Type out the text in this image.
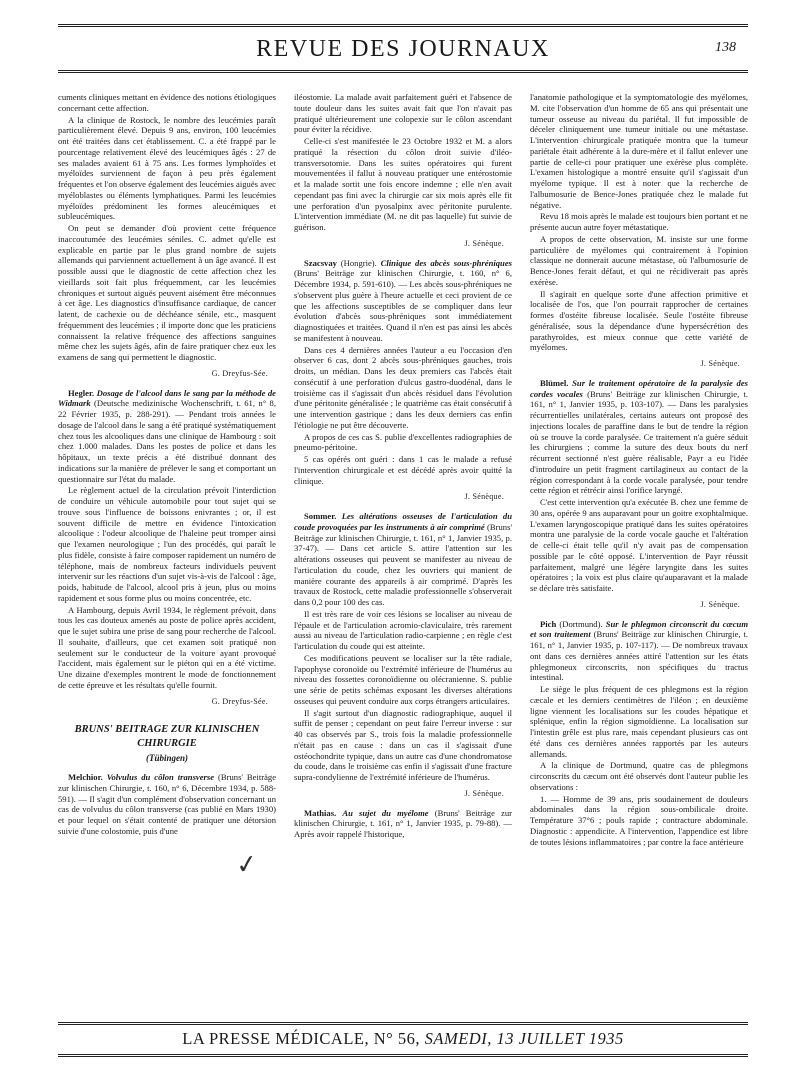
REVUE DES JOURNAUX	138

cuments cliniques mettant en évidence des notions étiologiques concernant cette affection.

A la clinique de Rostock, le nombre des leucémies paraît particulièrement élevé. Depuis 9 ans, environ, 100 leucémies ont été traitées dans cet établissement. C. a été frappé par le pourcentage relativement élevé des leucémiques âgés : 27 de ses malades avaient 61 à 75 ans. Les formes lymphoïdes et myéloïdes surviennent de façon à peu près également fréquentes et l'on observe également des leucémies aiguës avec myéloblastes ou éléments lymphatiques. Parmi les leucémies myéloïdes prédominent les formes aleucémiques et subleucémiques.

On peut se demander d'où provient cette fréquence inaccoutumée des leucémies séniles. C. admet qu'elle est explicable en partie par le plus grand nombre de sujets allemands qui parviennent actuellement à un âge avancé. Il est possible aussi que le diagnostic de cette affection chez les vieillards soit fait plus fréquemment, car les leucémies chroniques et surtout aiguës peuvent aisément être méconnues à cet âge. Les diagnostics d'insuffisance cardiaque, de cancer latent, de cachexie ou de déchéance sénile, etc., masquent fréquemment des leucémies ; il importe donc que les praticiens connaissent la relative fréquence des affections sanguines même chez les sujets âgés, afin de faire pratiquer chez eux les examens de sang qui permettent le diagnostic.

G. Dreyfus-Sée.

Hegler. Dosage de l'alcool dans le sang par la méthode de Widmark (Deutsche medizinische Wochenschrift, t. 61, n° 8, 22 Février 1935, p. 288-291). — Pendant trois années le dosage de l'alcool dans le sang a été pratiqué systématiquement chez tous les alcooliques dans une clinique de Hambourg : soit chez 1.000 malades. Dans les postes de police et dans les hôpitaux, un texte précis a été distribué donnant des indications sur la manière de prélever le sang et comportant un questionnaire sur l'état du malade.

Le règlement actuel de la circulation prévoit l'interdiction de conduire un véhicule automobile pour tout sujet qui se trouve sous l'influence de boissons enivrantes ; or, il est souvent difficile de mettre en évidence l'intoxication alcoolique : l'odeur alcoolique de l'haleine peut tromper ainsi que l'examen neurologique ; l'un des procédés, qui paraît le plus fidèle, consiste à faire composer rapidement un numéro de téléphone, mais de nombreux facteurs individuels peuvent intervenir sur les réactions d'un sujet vis-à-vis de l'alcool : âge, poids, habitude de l'alcool, alcool pris à jeun, plus ou moins rapidement et sous forme plus ou moins concentrée, etc.

A Hambourg, depuis Avril 1934, le règlement prévoit, dans tous les cas douteux amenés au poste de police après accident, que le sujet subira une prise de sang pour recherche de l'alcool. Il souhaite, d'ailleurs, que cet examen soit pratiqué non seulement sur le conducteur de la voiture ayant provoqué l'accident, mais également sur le piéton qui en a été victime. Une dizaine d'exemples montrent le mode de fonctionnement de cette épreuve et les résultats qu'elle fournit.

G. Dreyfus-Sée.
BRUNS' BEITRAGE ZUR KLINISCHEN CHIRURGIE
(Tübingen)

Melchior. Volvulus du côlon transverse (Bruns' Beiträge zur klinischen Chirurgie, t. 160, n° 6, Décembre 1934, p. 588-591). — Il s'agit d'un complément d'observation concernant un cas de volvulus du côlon transverse (cas publié en Mars 1930) et pour lequel on s'était contenté de pratiquer une détorsion suivie d'une colostomie, puis d'une

iléostomie. La malade avait parfaitement guéri et l'absence de toute douleur dans les suites avait fait que l'on n'avait pas pratiqué ultérieurement une colopexie sur le côlon ascendant pour éviter la récidive.

Celle-ci s'est manifestée le 23 Octobre 1932 et M. a alors pratiqué la résection du côlon droit suivie d'iléo-transversotomie. Dans les suites opératoires qui furent mouvementées il fallut à nouveau pratiquer une entérostomie et la malade sortit une fois encore indemne ; elle n'en avait cependant pas fini avec la chirurgie car six mois après elle fit une perforation d'un pyosalpinx avec péritonite purulente. L'intervention immédiate (M. ne dit pas laquelle) fut suivie de guérison.

J. Sénèque.

Szacsvay (Hongrie). Clinique des abcès sous-phréniques (Bruns' Beiträge zur klinischen Chirurgie, t. 160, n° 6, Décembre 1934, p. 591-610). — Les abcès sous-phréniques ne s'observent plus guère à l'heure actuelle et ceci provient de ce que les affections susceptibles de se compliquer dans leur évolution d'abcès sous-phréniques sont immédiatement diagnostiquées et traitées. Quand il n'en est pas ainsi les abcès se manifestent à nouveau.

Dans ces 4 dernières années l'auteur a eu l'occasion d'en observer 6 cas, dont 2 abcès sous-phréniques gauches, trois droits, un médian. Dans les deux premiers cas l'abcès était consécutif à une perforation d'ulcus gastro-duodénal, dans le troisième cas il s'agissait d'un abcès résiduel dans l'évolution d'une péritonite généralisée ; le quatrième cas était consécutif à une intervention gastrique ; dans les deux derniers cas enfin l'étiologie ne put être découverte.

A propos de ces cas S. publie d'excellentes radiographies de pneumo-péritoine.

5 cas opérés ont guéri : dans 1 cas le malade a refusé l'intervention chirurgicale et est décédé après avoir quitté la clinique.

J. Sénèque.

Sommer. Les altérations osseuses de l'articulation du coude provoquées par les instruments à air comprimé (Bruns' Beiträge zur klinischen Chirurgie, t. 161, n° 1, Janvier 1935, p. 37-47). — Dans cet article S. attire l'attention sur les altérations osseuses qui peuvent se manifester au niveau de l'articulation du coude, chez les ouvriers qui manient de manière courante des appareils à air comprimé. D'après les travaux de Rostock, cette maladie professionnelle s'observerait dans 0,2 pour 100 des cas.

Il est très rare de voir ces lésions se localiser au niveau de l'épaule et de l'articulation acromio-claviculaire, très rarement aussi au niveau de l'articulation radio-carpienne ; en règle c'est l'articulation du coude qui est atteinte.

Ces modifications peuvent se localiser sur la tête radiale, l'apophyse coronoïde ou l'extrémité inférieure de l'humérus au niveau des fossettes coronoïdienne ou olécranienne. S. publie une série de petits schémas exposant les diverses altérations osseuses qui peuvent conduire aux corps étrangers articulaires.

Il s'agit surtout d'un diagnostic radiographique, auquel il suffit de penser ; cependant on peut faire l'erreur inverse : sur 40 cas observés par S., trois fois la maladie professionnelle n'était pas en cause : dans un cas il s'agissait d'une ostéochondrite typique, dans un autre cas d'une chondromatose du coude, dans le troisième cas enfin il s'agissait d'une fracture supra-condylienne de l'extrémité inférieure de l'humérus.

J. Sénèque.

Mathias. Au sujet du myélome (Bruns' Beiträge zur klinischen Chirurgie, t. 161, n° 1, Janvier 1935, p. 79-88). — Après avoir rappelé l'historique,

l'anatomie pathologique et la symptomatologie des myélomes, M. cite l'observation d'un homme de 65 ans qui présentait une tumeur osseuse au niveau du pariétal. Il fut impossible de déceler cliniquement une tumeur initiale ou une métastase. L'intervention chirurgicale pratiquée montra que la tumeur pariétale était adhérente à la dure-mère et il fallut enlever une partie de celle-ci pour pratiquer une exérèse plus complète. L'examen histologique a montré ensuite qu'il s'agissait d'un myélome typique. Il est à noter que la recherche de l'albumosurie de Bence-Jones pratiquée chez le malade fut négative.

Revu 18 mois après le malade est toujours bien portant et ne présente aucun autre foyer métastatique.

A propos de cette observation, M. insiste sur une forme particulière de myélomes qui contrairement à l'opinion classique ne donnerait aucune métastase, où l'albumosurie de Bence-Jones ferait défaut, et qui ne récidiverait pas après exérèse.

Il s'agirait en quelque sorte d'une affection primitive et localisée de l'os, que l'on pourrait rapprocher de certaines formes d'ostéite fibreuse localisée. Seule l'ostéite fibreuse généralisée, sous la dépendance d'une hypersécrétion des parathyroïdes, est mieux connue que cette variété de myélomes.

J. Sénèque.

Blümel. Sur le traitement opératoire de la paralysie des cordes vocales (Bruns' Beiträge zur klinischen Chirurgie, t. 161, n° 1, Janvier 1935, p. 103-107). — Dans les paralysies récurrentielles unilatérales, certains auteurs ont proposé des injections locales de paraffine dans le but de tendre la région où se trouve la corde paralysée. Ce traitement n'a guère séduit les chirurgiens ; comme la suture des deux bouts du nerf récurrent sectionné n'est guère réalisable, Payr a eu l'idée d'introduire un petit fragment cartilagineux au contact de la région correspondant à la corde vocale paralysée, pour tendre cette région et rétrécir ainsi l'orifice laryngé.

C'est cette intervention qu'a exécutée B. chez une femme de 30 ans, opérée 9 ans auparavant pour un goitre exophtalmique. L'examen laryngoscopique pratiqué dans les suites opératoires montra une paralysie de la corde vocale gauche et l'altération de celle-ci était telle qu'il n'y avait pas de compensation possible par le côté opposé. L'intervention de Payr réussit parfaitement, malgré une légère laryngite dans les suites opératoires ; la voix est plus claire qu'auparavant et la malade se déclare très satisfaite.

J. Sénèque.

Pich (Dortmund). Sur le phlegmon circonscrit du cæcum et son traitement (Bruns' Beiträge zur klinischen Chirurgie, t. 161, n° 1, Janvier 1935, p. 107-117). — De nombreux travaux ont dans ces dernières années attiré l'attention sur les états phlegmoneux circonscrits, non spécifiques du tractus intestinal.

Le siège le plus fréquent de ces phlegmons est la région cæcale et les derniers centimètres de l'iléon ; en deuxième ligne viennent les localisations sur les coudes hépatique et splénique, enfin la région sigmoïdienne. La localisation sur l'intestin grêle est plus rare, mais cependant plusieurs cas ont été dans ces dernières années rapportés par les auteurs allemands.

A la clinique de Dortmund, quatre cas de phlegmons circonscrits du cæcum ont été observés dont l'auteur publie les observations :

1. — Homme de 39 ans, pris soudainement de douleurs abdominales dans la région sous-ombilicale droite. Température 37°6 ; pouls rapide ; contracture abdominale. Diagnostic : appendicite. A l'intervention, l'appendice est libre de toutes lésions inflammatoires ; par contre la face antérieure

✓
LA PRESSE MÉDICALE, N° 56, SAMEDI, 13 JUILLET 1935
